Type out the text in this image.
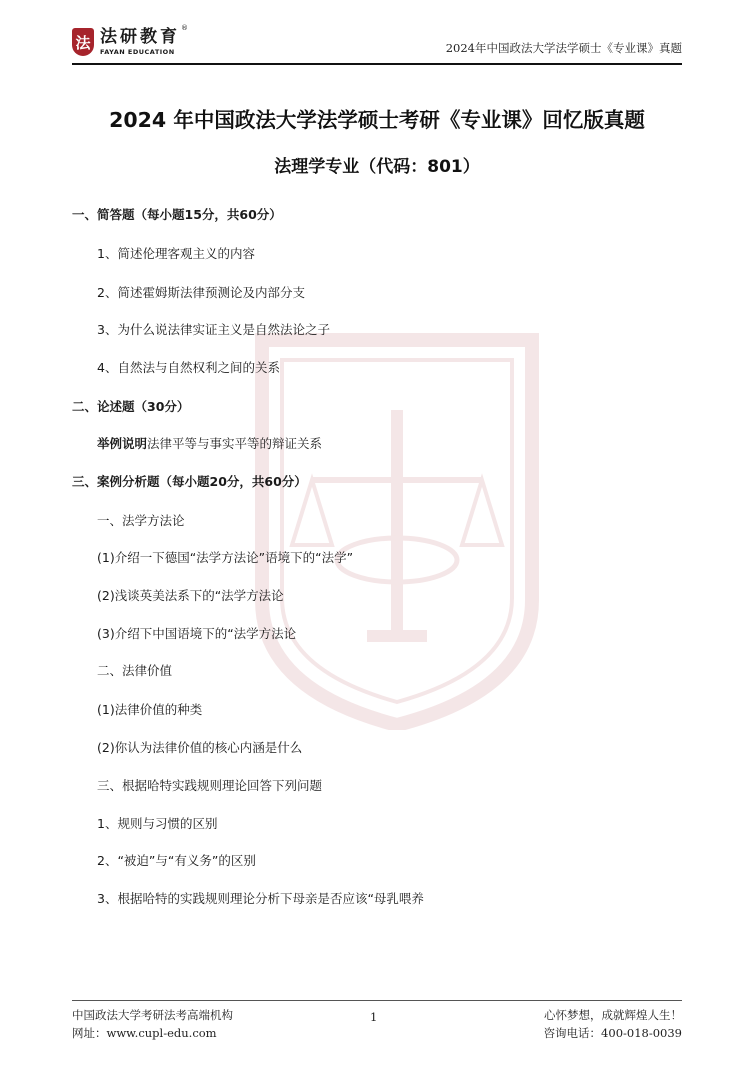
法 法研教育
FAYAN EDUCATION
®
2024年中国政法大学法学硕士《专业课》真题
2024 年中国政法大学法学硕士考研《专业课》回忆版真题
法理学专业（代码：801）
一、简答题（每小题15分，共60分）
1、简述伦理客观主义的内容
2、简述霍姆斯法律预测论及内部分支
3、为什么说法律实证主义是自然法论之子
4、自然法与自然权利之间的关系
二、论述题（30分）
举例说明法律平等与事实平等的辩证关系
三、案例分析题（每小题20分，共60分）
一、法学方法论
(1)介绍一下德国“法学方法论”语境下的“法学”
(2)浅谈英美法系下的“法学方法论
(3)介绍下中国语境下的“法学方法论
二、法律价值
(1)法律价值的种类
(2)你认为法律价值的核心内涵是什么
三、根据哈特实践规则理论回答下列问题
1、规则与习惯的区别
2、“被迫”与“有义务”的区别
3、根据哈特的实践规则理论分析下母亲是否应该“母乳喂养
中国政法大学考研法考高端机构
网址：www.cupl-edu.com
1	心怀梦想，成就辉煌人生！
咨询电话：400-018-0039
